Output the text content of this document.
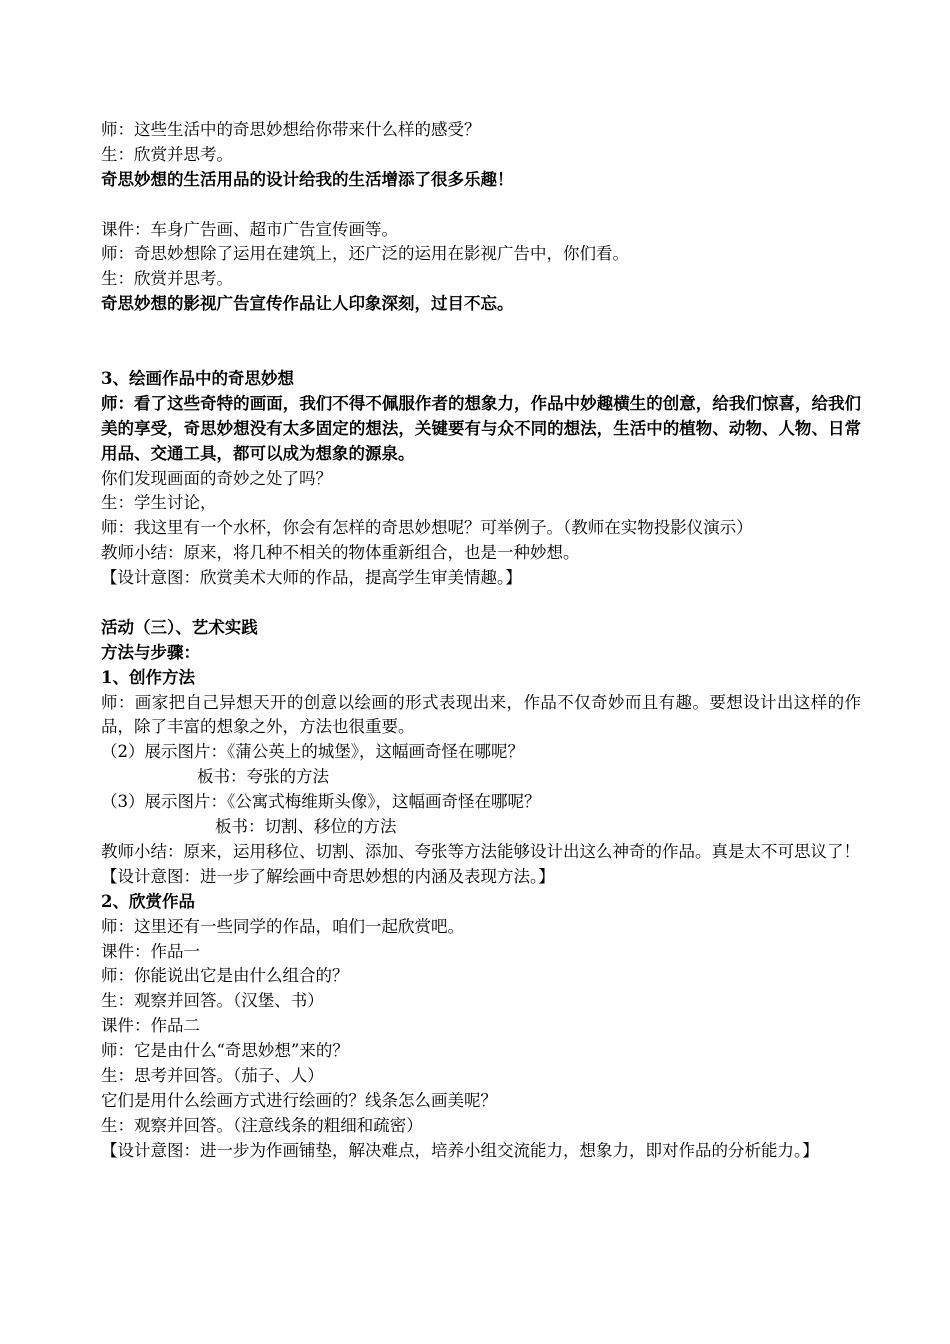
师：这些生活中的奇思妙想给你带来什么样的感受？
生：欣赏并思考。
奇思妙想的生活用品的设计给我的生活增添了很多乐趣！
课件：车身广告画、超市广告宣传画等。
师：奇思妙想除了运用在建筑上，还广泛的运用在影视广告中，你们看。
生：欣赏并思考。
奇思妙想的影视广告宣传作品让人印象深刻，过目不忘。
3、绘画作品中的奇思妙想
师：看了这些奇特的画面，我们不得不佩服作者的想象力，作品中妙趣横生的创意，给我们惊喜，给我们美的享受，奇思妙想没有太多固定的想法，关键要有与众不同的想法，生活中的植物、动物、人物、日常用品、交通工具，都可以成为想象的源泉。
你们发现画面的奇妙之处了吗？
生：学生讨论，
师：我这里有一个水杯，你会有怎样的奇思妙想呢？可举例子。（教师在实物投影仪演示）
教师小结：原来，将几种不相关的物体重新组合，也是一种妙想。
【设计意图：欣赏美术大师的作品，提高学生审美情趣。】
活动（三）、艺术实践
方法与步骤：
1、创作方法
师：画家把自己异想天开的创意以绘画的形式表现出来，作品不仅奇妙而且有趣。要想设计出这样的作品，除了丰富的想象之外，方法也很重要。
（2）展示图片：《蒲公英上的城堡》，这幅画奇怪在哪呢？
板书：夸张的方法
（3）展示图片：《公寓式梅维斯头像》，这幅画奇怪在哪呢？
板书：切割、移位的方法
教师小结：原来，运用移位、切割、添加、夸张等方法能够设计出这么神奇的作品。真是太不可思议了！
【设计意图：进一步了解绘画中奇思妙想的内涵及表现方法。】
2、欣赏作品
师：这里还有一些同学的作品，咱们一起欣赏吧。
课件：作品一
师：你能说出它是由什么组合的？
生：观察并回答。（汉堡、书）
课件：作品二
师：它是由什么“奇思妙想”来的？
生：思考并回答。（茄子、人）
它们是用什么绘画方式进行绘画的？线条怎么画美呢？
生：观察并回答。（注意线条的粗细和疏密）
【设计意图：进一步为作画铺垫，解决难点，培养小组交流能力，想象力，即对作品的分析能力。】
